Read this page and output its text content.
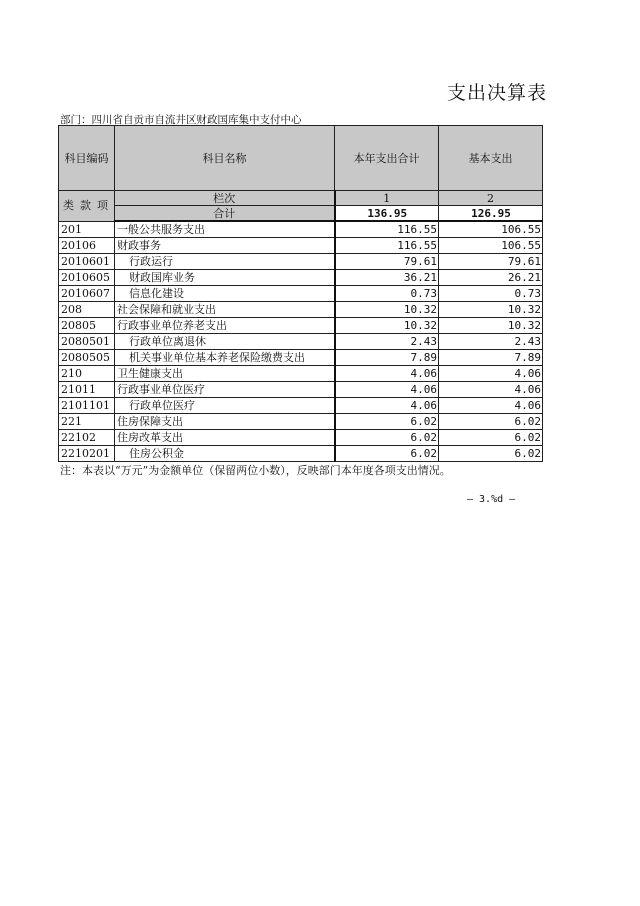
支出决算表
部门：四川省自贡市自流井区财政国库集中支付中心
科目编码	科目名称	本年支出合计	基本支出
类款项	栏次	1	2
	合计	136.95	126.95
201	一般公共服务支出	116.55	106.55
20106	财政事务	116.55	106.55
2010601	行政运行	79.61	79.61
2010605	财政国库业务	36.21	26.21
2010607	信息化建设	0.73	0.73
208	社会保障和就业支出	10.32	10.32
20805	行政事业单位养老支出	10.32	10.32
2080501	行政单位离退休	2.43	2.43
2080505	机关事业单位基本养老保险缴费支出	7.89	7.89
210	卫生健康支出	4.06	4.06
21011	行政事业单位医疗	4.06	4.06
2101101	行政单位医疗	4.06	4.06
221	住房保障支出	6.02	6.02
22102	住房改革支出	6.02	6.02
2210201	住房公积金	6.02	6.02
注：本表以“万元”为金额单位（保留两位小数），反映部门本年度各项支出情况。
— 3.%d —
